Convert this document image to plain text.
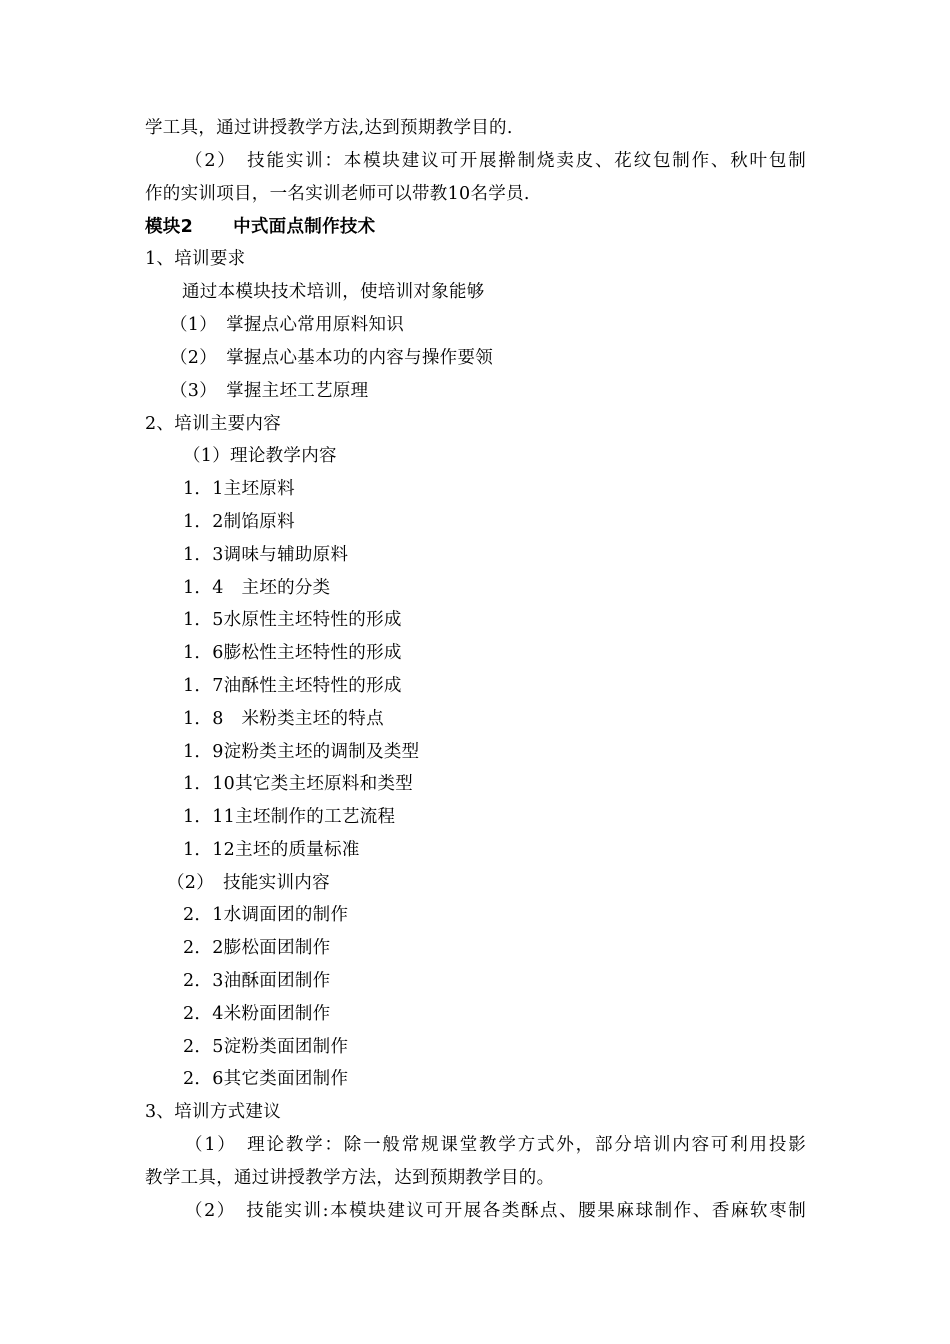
学工具，通过讲授教学方法,达到预期教学目的.
（2）　技能实训：本模块建议可开展擀制烧卖皮、花纹包制作、秋叶包制
作的实训项目，一名实训老师可以带教10名学员.
模块2 中式面点制作技术
1、培训要求
通过本模块技术培训，使培训对象能够
（1）　掌握点心常用原料知识
（2）　掌握点心基本功的内容与操作要领
（3）　掌握主坯工艺原理
2、培训主要内容
（1）理论教学内容
1．1主坯原料
1．2制馅原料
1．3调味与辅助原料
1．4　主坯的分类
1．5水原性主坯特性的形成
1．6膨松性主坯特性的形成
1．7油酥性主坯特性的形成
1．8　米粉类主坯的特点
1．9淀粉类主坯的调制及类型
1．10其它类主坯原料和类型
1．11主坯制作的工艺流程
1．12主坯的质量标准
（2）　技能实训内容
2．1水调面团的制作
2．2膨松面团制作
2．3油酥面团制作
2．4米粉面团制作
2．5淀粉类面团制作
2．6其它类面团制作
3、培训方式建议
（1）　理论教学：除一般常规课堂教学方式外，部分培训内容可利用投影
教学工具，通过讲授教学方法，达到预期教学目的。
（2）　技能实训:本模块建议可开展各类酥点、腰果麻球制作、香麻软枣制
